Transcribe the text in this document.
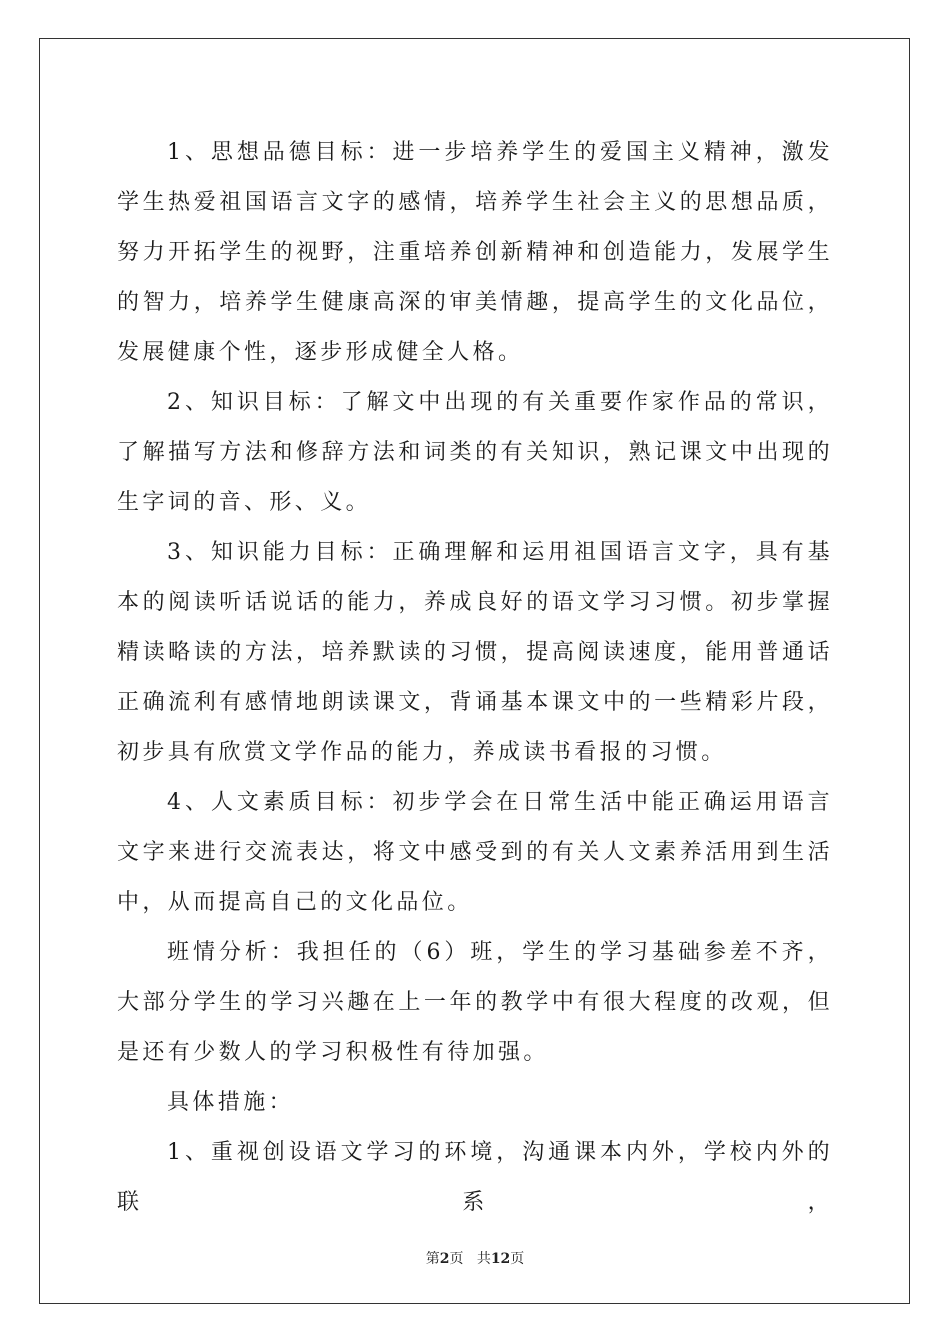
1、思想品德目标：进一步培养学生的爱国主义精神，激发学生热爱祖国语言文字的感情，培养学生社会主义的思想品质，努力开拓学生的视野，注重培养创新精神和创造能力，发展学生的智力，培养学生健康高深的审美情趣，提高学生的文化品位，发展健康个性，逐步形成健全人格。

2、知识目标：了解文中出现的有关重要作家作品的常识，了解描写方法和修辞方法和词类的有关知识，熟记课文中出现的生字词的音、形、义。

3、知识能力目标：正确理解和运用祖国语言文字，具有基本的阅读听话说话的能力，养成良好的语文学习习惯。初步掌握精读略读的方法，培养默读的习惯，提高阅读速度，能用普通话正确流利有感情地朗读课文，背诵基本课文中的一些精彩片段，初步具有欣赏文学作品的能力，养成读书看报的习惯。

4、人文素质目标：初步学会在日常生活中能正确运用语言文字来进行交流表达，将文中感受到的有关人文素养活用到生活中，从而提高自己的文化品位。

班情分析：我担任的（6）班，学生的学习基础参差不齐，大部分学生的学习兴趣在上一年的教学中有很大程度的改观，但是还有少数人的学习积极性有待加强。

具体措施：

1、重视创设语文学习的环境，沟通课本内外，学校内外的联系，

第2页 共12页
